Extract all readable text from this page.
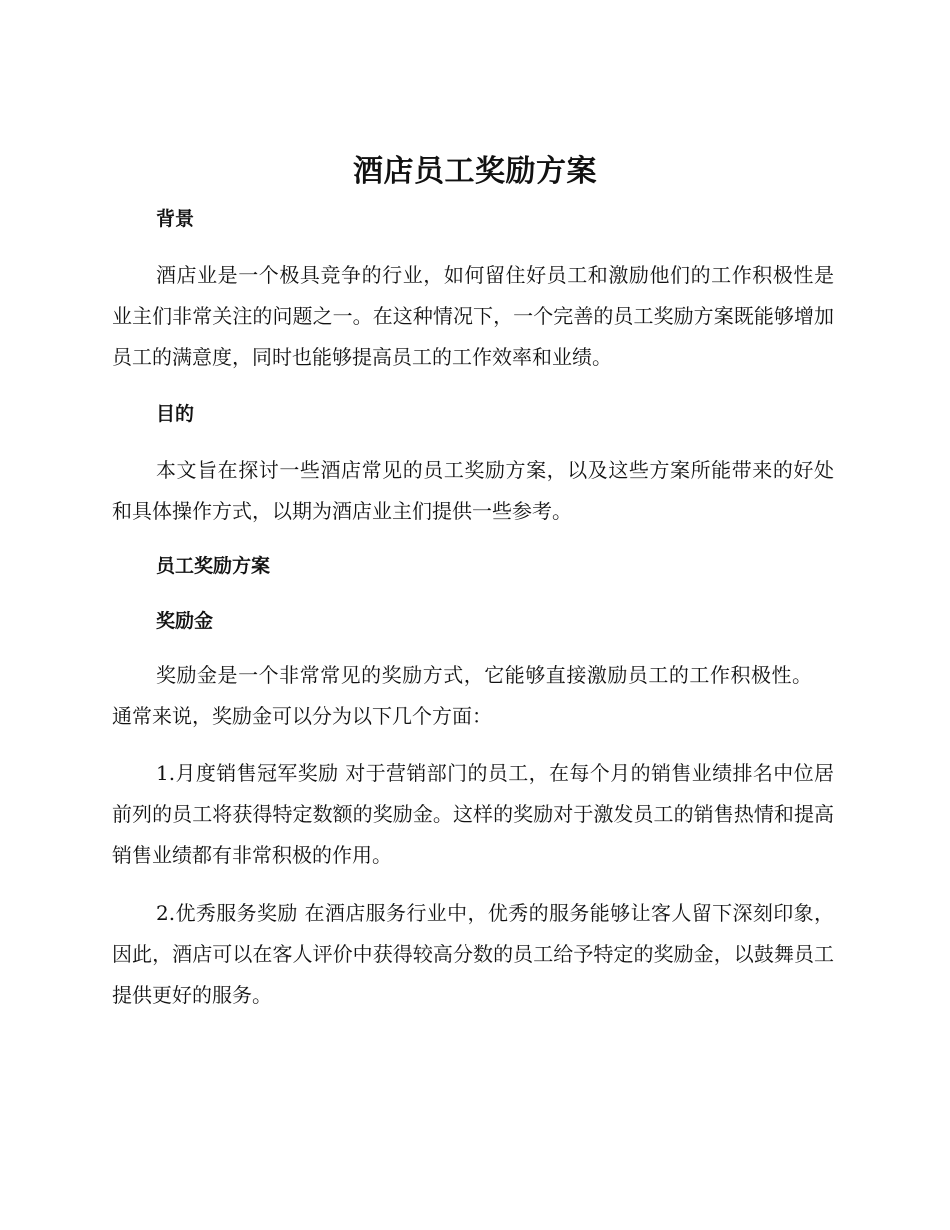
酒店员工奖励方案
背景
酒店业是一个极具竞争的行业，如何留住好员工和激励他们的工作积极性是业主们非常关注的问题之一。在这种情况下，一个完善的员工奖励方案既能够增加员工的满意度，同时也能够提高员工的工作效率和业绩。
目的
本文旨在探讨一些酒店常见的员工奖励方案，以及这些方案所能带来的好处和具体操作方式，以期为酒店业主们提供一些参考。
员工奖励方案
奖励金
奖励金是一个非常常见的奖励方式，它能够直接激励员工的工作积极性。通常来说，奖励金可以分为以下几个方面：
1.月度销售冠军奖励 对于营销部门的员工，在每个月的销售业绩排名中位居前列的员工将获得特定数额的奖励金。这样的奖励对于激发员工的销售热情和提高销售业绩都有非常积极的作用。
2.优秀服务奖励 在酒店服务行业中，优秀的服务能够让客人留下深刻印象，因此，酒店可以在客人评价中获得较高分数的员工给予特定的奖励金，以鼓舞员工提供更好的服务。
